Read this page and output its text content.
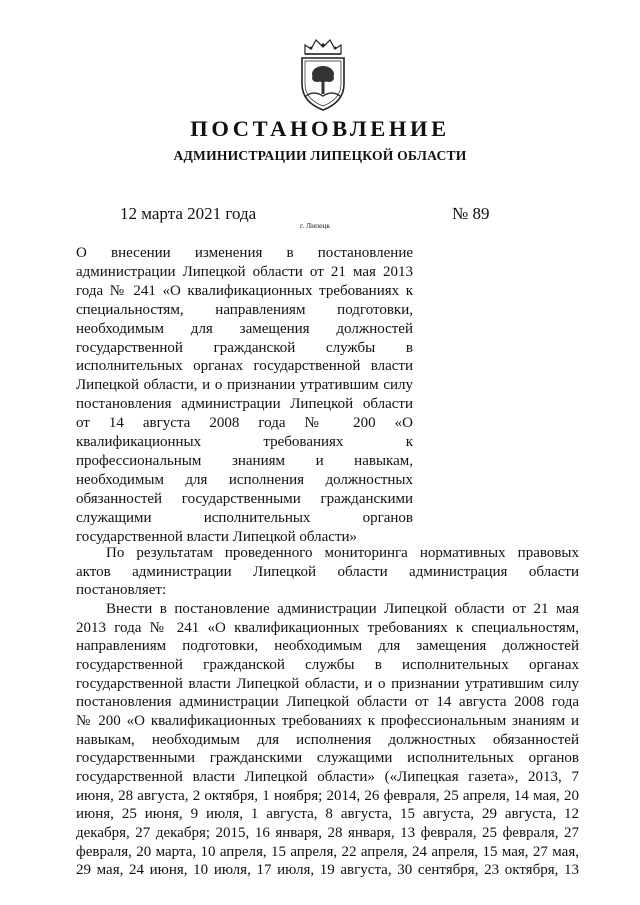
ПОСТАНОВЛЕНИЕ
АДМИНИСТРАЦИИ ЛИПЕЦКОЙ ОБЛАСТИ
12 марта 2021 года
г. Липецк
№ 89
О внесении изменения в постановление
администрации Липецкой области от 21 мая 2013
года № 241 «О квалификационных требованиях к
специальностям, направлениям подготовки,
необходимым для замещения должностей
государственной гражданской службы в
исполнительных органах государственной власти
Липецкой области, и о признании утратившим силу
постановления администрации Липецкой области
от 14 августа 2008 года № 200 «О
квалификационных требованиях к
профессиональным знаниям и навыкам,
необходимым для исполнения должностных
обязанностей государственными гражданскими
служащими исполнительных органов
государственной власти Липецкой области»
По результатам проведенного мониторинга нормативных правовых
актов администрации Липецкой области администрация области
постановляет:
Внести в постановление администрации Липецкой области от 21 мая
2013 года № 241 «О квалификационных требованиях к специальностям,
направлениям подготовки, необходимым для замещения должностей
государственной гражданской службы в исполнительных органах
государственной власти Липецкой области, и о признании утратившим силу
постановления администрации Липецкой области от 14 августа 2008 года
№ 200 «О квалификационных требованиях к профессиональным знаниям и
навыкам, необходимым для исполнения должностных обязанностей
государственными гражданскими служащими исполнительных органов
государственной власти Липецкой области» («Липецкая газета», 2013, 7
июня, 28 августа, 2 октября, 1 ноября; 2014, 26 февраля, 25 апреля, 14 мая, 20
июня, 25 июня, 9 июля, 1 августа, 8 августа, 15 августа, 29 августа, 12
декабря, 27 декабря; 2015, 16 января, 28 января, 13 февраля, 25 февраля, 27
февраля, 20 марта, 10 апреля, 15 апреля, 22 апреля, 24 апреля, 15 мая, 27 мая,
29 мая, 24 июня, 10 июля, 17 июля, 19 августа, 30 сентября, 23 октября, 13
